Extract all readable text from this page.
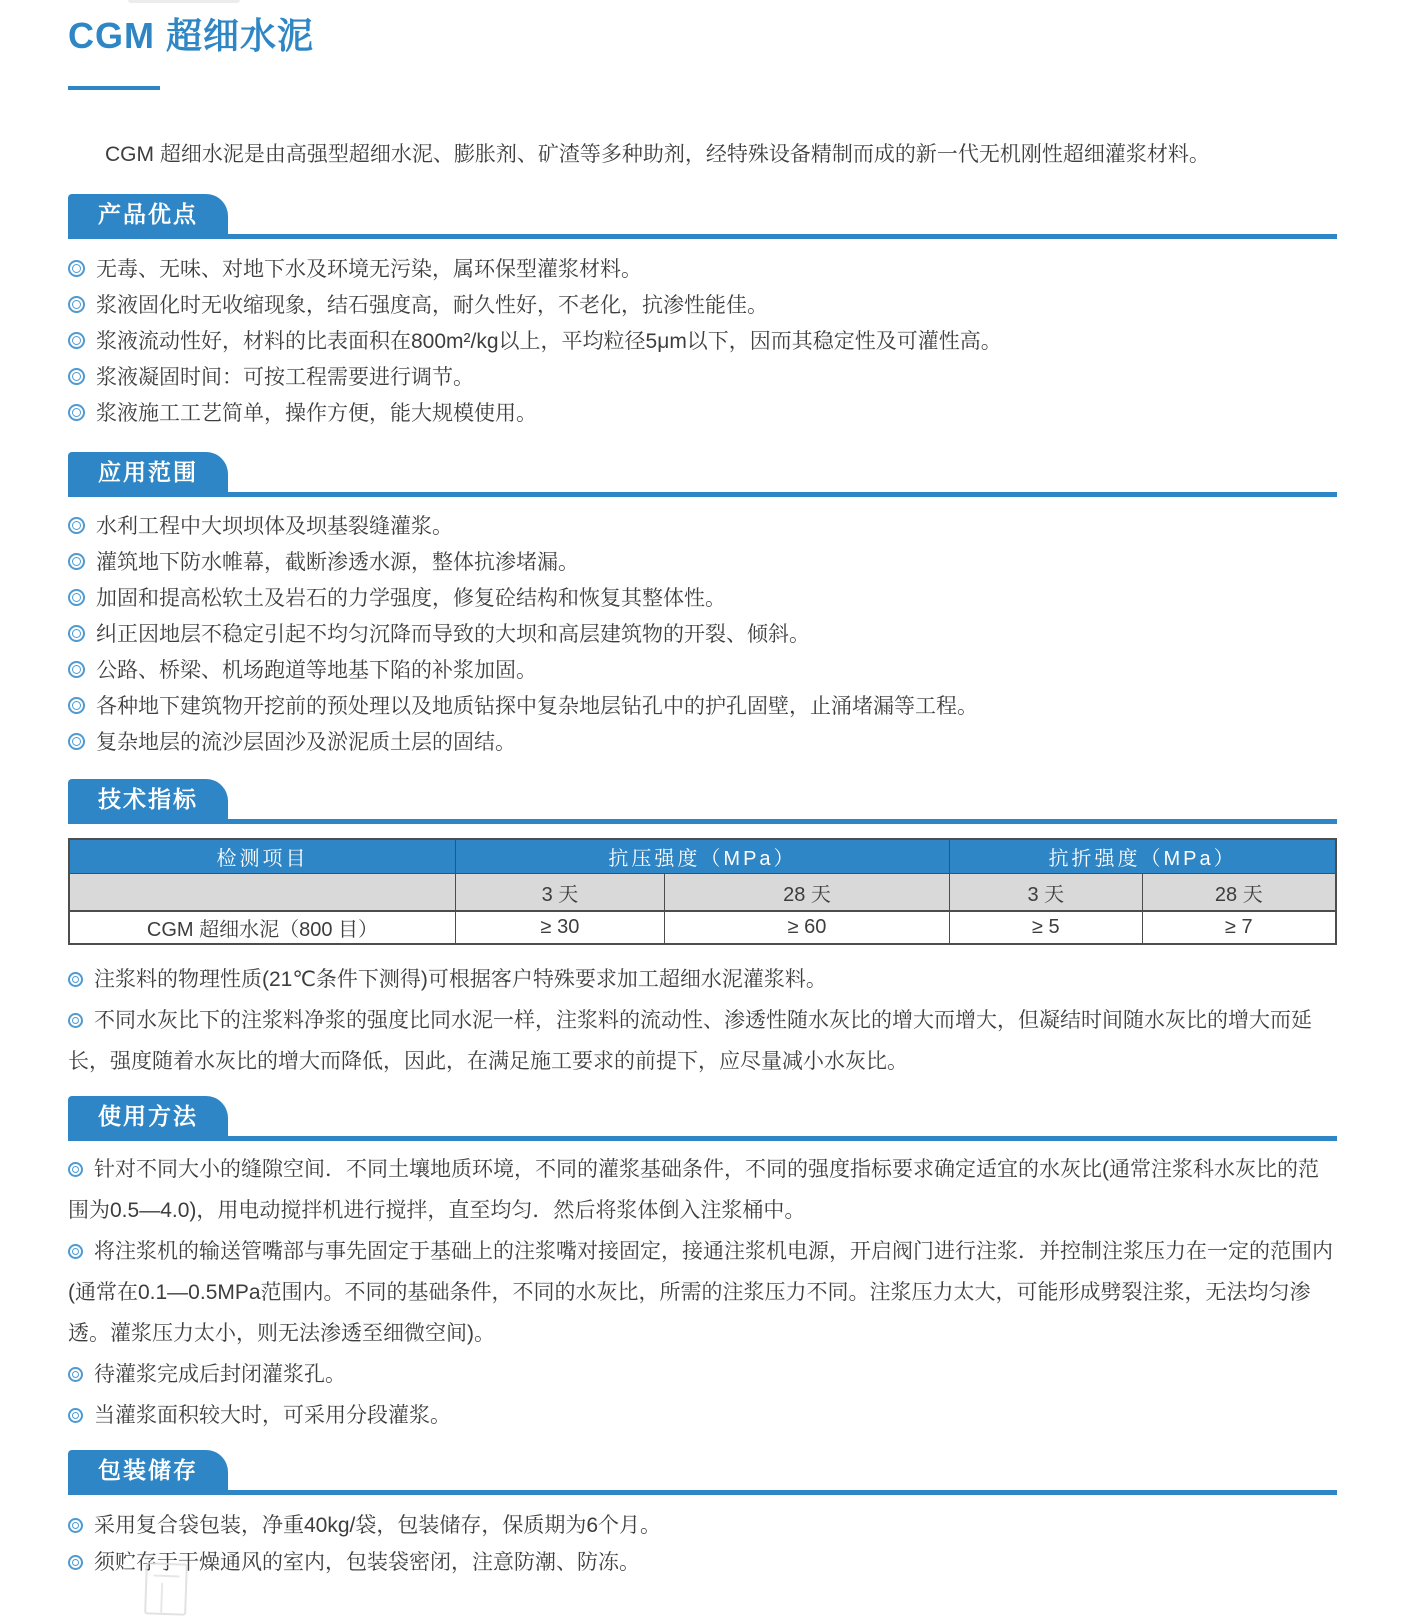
CGM 超细水泥

CGM 超细水泥是由高强型超细水泥、膨胀剂、矿渣等多种助剂，经特殊设备精制而成的新一代无机刚性超细灌浆材料。

产品优点
无毒、无味、对地下水及环境无污染，属环保型灌浆材料。
浆液固化时无收缩现象，结石强度高，耐久性好，不老化，抗渗性能佳。
浆液流动性好，材料的比表面积在800m²/kg以上，平均粒径5μm以下，因而其稳定性及可灌性高。
浆液凝固时间：可按工程需要进行调节。
浆液施工工艺简单，操作方便，能大规模使用。
应用范围
水利工程中大坝坝体及坝基裂缝灌浆。
灌筑地下防水帷幕，截断渗透水源，整体抗渗堵漏。
加固和提高松软土及岩石的力学强度，修复砼结构和恢复其整体性。
纠正因地层不稳定引起不均匀沉降而导致的大坝和高层建筑物的开裂、倾斜。
公路、桥梁、机场跑道等地基下陷的补浆加固。
各种地下建筑物开挖前的预处理以及地质钻探中复杂地层钻孔中的护孔固壁，止涌堵漏等工程。
复杂地层的流沙层固沙及淤泥质土层的固结。
技术指标
检测项目	抗压强度（MPa）		抗折强度（MPa）	
	3 天	28 天	3 天	28 天
CGM 超细水泥（800 目）	≥ 30	≥ 60	≥ 5	≥ 7

注浆料的物理性质(21℃条件下测得)可根据客户特殊要求加工超细水泥灌浆料。

不同水灰比下的注浆料净浆的强度比同水泥一样，注浆料的流动性、渗透性随水灰比的增大而增大，但凝结时间随水灰比的增大而延长，强度随着水灰比的增大而降低，因此，在满足施工要求的前提下，应尽量减小水灰比。

使用方法

针对不同大小的缝隙空间．不同土壤地质环境，不同的灌浆基础条件，不同的强度指标要求确定适宜的水灰比(通常注浆科水灰比的范围为0.5—4.0)，用电动搅拌机进行搅拌，直至均匀．然后将浆体倒入注浆桶中。

将注浆机的输送管嘴部与事先固定于基础上的注浆嘴对接固定，接通注浆机电源，开启阀门进行注浆．并控制注浆压力在一定的范围内(通常在0.1—0.5MPa范围内。不同的基础条件，不同的水灰比，所需的注浆压力不同。注浆压力太大，可能形成劈裂注浆，无法均匀渗透。灌浆压力太小，则无法渗透至细微空间)。

待灌浆完成后封闭灌浆孔。

当灌浆面积较大时，可采用分段灌浆。

包装储存
采用复合袋包装，净重40kg/袋，包装储存，保质期为6个月。
须贮存于干燥通风的室内，包装袋密闭，注意防潮、防冻。
